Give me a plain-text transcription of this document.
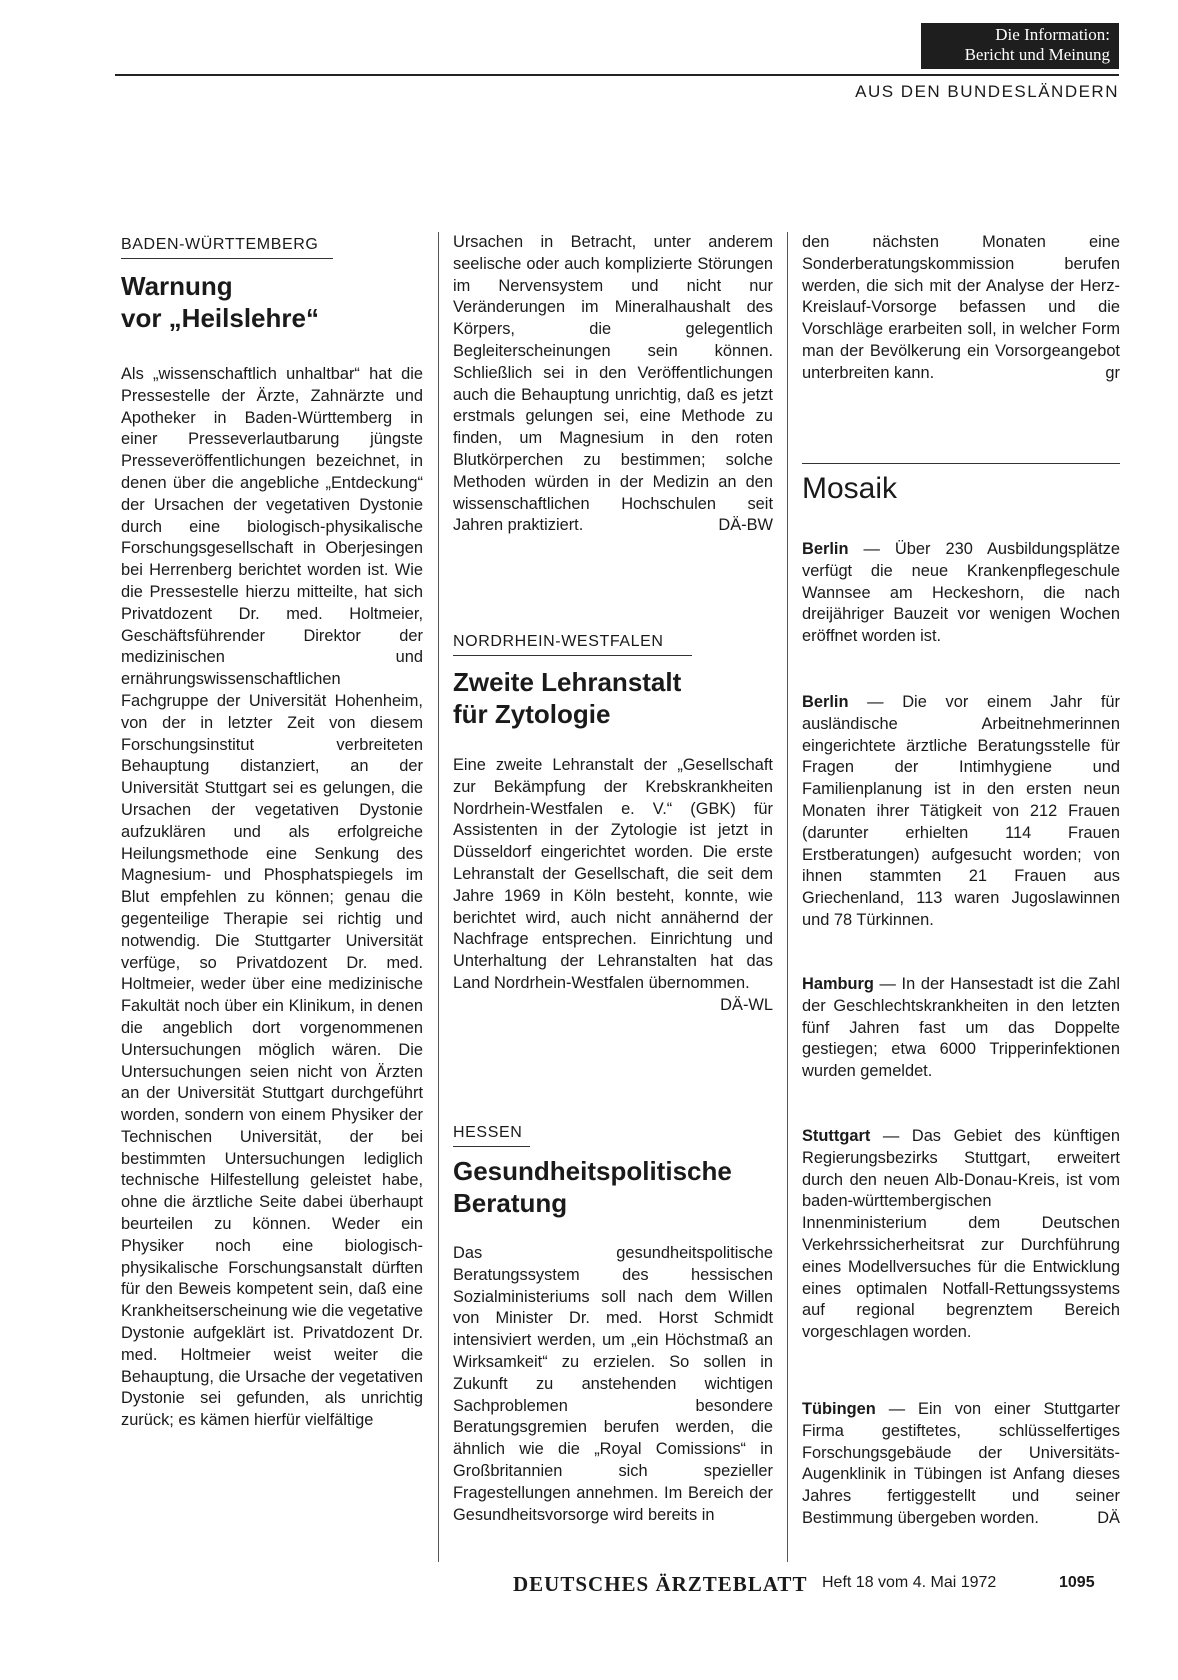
Die Information:
Bericht und Meinung
AUS DEN BUNDESLÄNDERN
BADEN-WÜRTTEMBERG
Warnung
vor „Heilslehre“

Als „wissenschaftlich unhaltbar“ hat die Pressestelle der Ärzte, Zahnärzte und Apotheker in Baden-Württemberg in einer Presseverlautbarung jüngste Presseveröffentlichungen bezeichnet, in denen über die angebliche „Entdeckung“ der Ursachen der vegetativen Dystonie durch eine biologisch-physikalische Forschungsgesellschaft in Oberjesingen bei Herrenberg berichtet worden ist. Wie die Pressestelle hierzu mitteilte, hat sich Privatdozent Dr. med. Holtmeier, Geschäftsführender Direktor der medizinischen und ernährungswissenschaftlichen Fachgruppe der Universität Hohenheim, von der in letzter Zeit von diesem Forschungsinstitut verbreiteten Behauptung distanziert, an der Universität Stuttgart sei es gelungen, die Ursachen der vegetativen Dystonie aufzuklären und als erfolgreiche Heilungsmethode eine Senkung des Magnesium- und Phosphatspiegels im Blut empfehlen zu können; genau die gegenteilige Therapie sei richtig und notwendig. Die Stuttgarter Universität verfüge, so Privatdozent Dr. med. Holtmeier, weder über eine medizinische Fakultät noch über ein Klinikum, in denen die angeblich dort vorgenommenen Untersuchungen möglich wären. Die Untersuchungen seien nicht von Ärzten an der Universität Stuttgart durchgeführt worden, sondern von einem Physiker der Technischen Universität, der bei bestimmten Untersuchungen lediglich technische Hilfestellung geleistet habe, ohne die ärztliche Seite dabei überhaupt beurteilen zu können. Weder ein Physiker noch eine biologisch-physikalische Forschungsanstalt dürften für den Beweis kompetent sein, daß eine Krankheitserscheinung wie die vegetative Dystonie aufgeklärt ist. Privatdozent Dr. med. Holtmeier weist weiter die Behauptung, die Ursache der vegetativen Dystonie sei gefunden, als unrichtig zurück; es kämen hierfür vielfältige

Ursachen in Betracht, unter anderem seelische oder auch komplizierte Störungen im Nervensystem und nicht nur Veränderungen im Mineralhaushalt des Körpers, die gelegentlich Begleiterscheinungen sein können. Schließlich sei in den Veröffentlichungen auch die Behauptung unrichtig, daß es jetzt erstmals gelungen sei, eine Methode zu finden, um Magnesium in den roten Blutkörperchen zu bestimmen; solche Methoden würden in der Medizin an den wissenschaftlichen Hochschulen seit Jahren praktiziert.	DÄ-BW

NORDRHEIN-WESTFALEN
Zweite Lehranstalt
für Zytologie

Eine zweite Lehranstalt der „Gesellschaft zur Bekämpfung der Krebskrankheiten Nordrhein-Westfalen e. V.“ (GBK) für Assistenten in der Zytologie ist jetzt in Düsseldorf eingerichtet worden. Die erste Lehranstalt der Gesellschaft, die seit dem Jahre 1969 in Köln besteht, konnte, wie berichtet wird, auch nicht annähernd der Nachfrage entsprechen. Einrichtung und Unterhaltung der Lehranstalten hat das Land Nordrhein-Westfalen übernommen.
DÄ-WL

HESSEN
Gesundheitspolitische
Beratung

Das gesundheitspolitische Beratungssystem des hessischen Sozialministeriums soll nach dem Willen von Minister Dr. med. Horst Schmidt intensiviert werden, um „ein Höchstmaß an Wirksamkeit“ zu erzielen. So sollen in Zukunft zu anstehenden wichtigen Sachproblemen besondere Beratungsgremien berufen werden, die ähnlich wie die „Royal Comissions“ in Großbritannien sich spezieller Fragestellungen annehmen. Im Bereich der Gesundheitsvorsorge wird bereits in

den nächsten Monaten eine Sonderberatungskommission berufen werden, die sich mit der Analyse der Herz-Kreislauf-Vorsorge befassen und die Vorschläge erarbeiten soll, in welcher Form man der Bevölkerung ein Vorsorgeangebot unterbreiten kann.	gr

Mosaik

Berlin — Über 230 Ausbildungsplätze verfügt die neue Krankenpflegeschule Wannsee am Heckeshorn, die nach dreijähriger Bauzeit vor wenigen Wochen eröffnet worden ist.

Berlin — Die vor einem Jahr für ausländische Arbeitnehmerinnen eingerichtete ärztliche Beratungsstelle für Fragen der Intimhygiene und Familienplanung ist in den ersten neun Monaten ihrer Tätigkeit von 212 Frauen (darunter erhielten 114 Frauen Erstberatungen) aufgesucht worden; von ihnen stammten 21 Frauen aus Griechenland, 113 waren Jugoslawinnen und 78 Türkinnen.

Hamburg — In der Hansestadt ist die Zahl der Geschlechtskrankheiten in den letzten fünf Jahren fast um das Doppelte gestiegen; etwa 6000 Tripperinfektionen wurden gemeldet.

Stuttgart — Das Gebiet des künftigen Regierungsbezirks Stuttgart, erweitert durch den neuen Alb-Donau-Kreis, ist vom baden-württembergischen Innenministerium dem Deutschen Verkehrssicherheitsrat zur Durchführung eines Modellversuches für die Entwicklung eines optimalen Notfall-Rettungssystems auf regional begrenztem Bereich vorgeschlagen worden.

Tübingen — Ein von einer Stuttgarter Firma gestiftetes, schlüsselfertiges Forschungsgebäude der Universitäts-Augenklinik in Tübingen ist Anfang dieses Jahres fertiggestellt und seiner Bestimmung übergeben worden.	DÄ

DEUTSCHES ÄRZTEBLATT Heft 18 vom 4. Mai 1972	1095
